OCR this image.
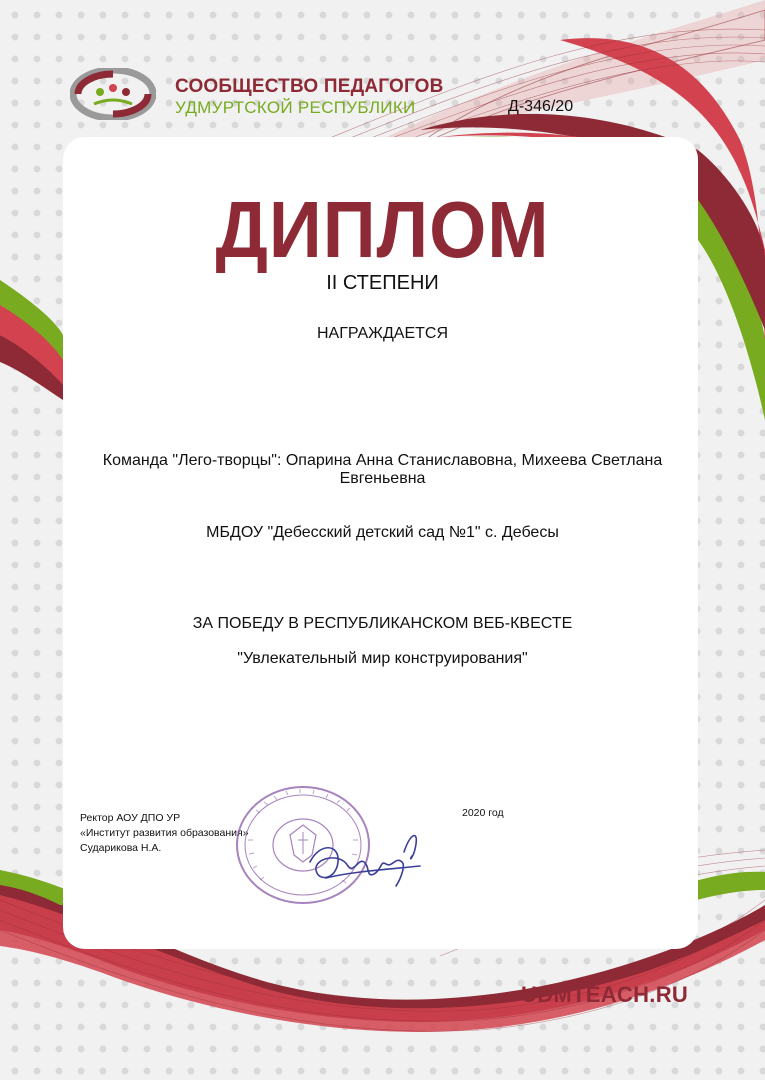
СООБЩЕСТВО ПЕДАГОГОВ
УДМУРТСКОЙ РЕСПУБЛИКИ	Д-346/20
ДИПЛОМ
II СТЕПЕНИ
НАГРАЖДАЕТСЯ
Команда "Лего-творцы": Опарина Анна Станиславовна, Михеева Светлана Евгеньевна
МБДОУ "Дебесский детский сад №1" с. Дебесы
ЗА ПОБЕДУ В РЕСПУБЛИКАНСКОМ ВЕБ-КВЕСТЕ
"Увлекательный мир конструирования"
Ректор АОУ ДПО УР
«Институт развития образования»
Сударикова Н.А.
2020 год
UDMTEACH.RU
